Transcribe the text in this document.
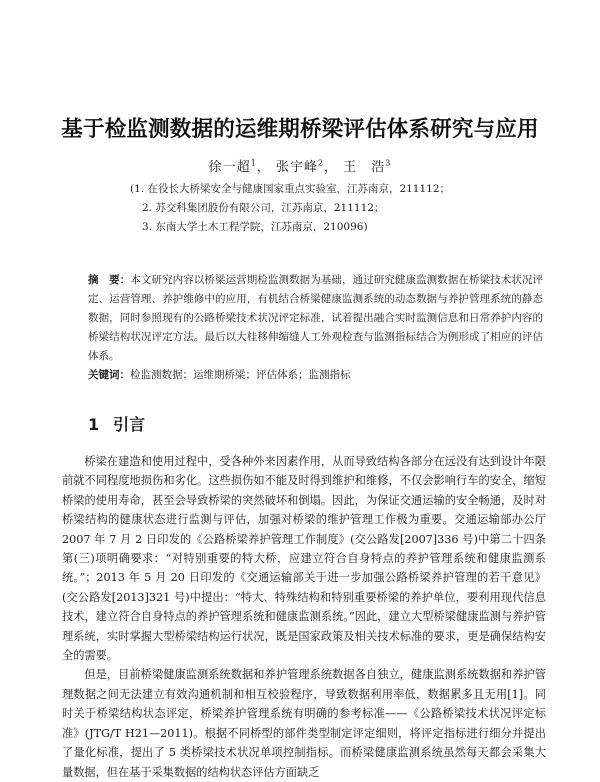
基于检监测数据的运维期桥梁评估体系研究与应用
徐一超$^1$， 张宇峰$^2$， 王　浩$^3$
(1. 在役长大桥梁安全与健康国家重点实验室，江苏南京，211112；
2. 苏交科集团股份有限公司，江苏南京，211112；
3. 东南大学土木工程学院，江苏南京，210096)
摘　要：本文研究内容以桥梁运营期检监测数据为基础，通过研究健康监测数据在桥梁技术状况评定、运营管理、养护维修中的应用，有机结合桥梁健康监测系统的动态数据与养护管理系统的静态数据，同时参照现有的公路桥梁技术状况评定标准，试着提出融合实时监测信息和日常养护内容的桥梁结构状况评定方法。最后以大桂移伸缩缝人工外观检查与监测指标结合为例形成了相应的评估体系。
关键词：检监测数据；运维期桥梁；评估体系；监测指标
1 引言

桥梁在建造和使用过程中，受各种外来因素作用，从而导致结构各部分在远没有达到设计年限前就不同程度地损伤和劣化。这些损伤如不能及时得到维护和维修，不仅会影响行车的安全，缩短桥梁的使用寿命，甚至会导致桥梁的突然破坏和倒塌。因此，为保证交通运输的安全畅通，及时对桥梁结构的健康状态进行监测与评估，加强对桥梁的维护管理工作极为重要。交通运输部办公厅 2007 年 7 月 2 日印发的《公路桥梁养护管理工作制度》(交公路发[2007]336 号)中第二十四条第(三)项明确要求：“对特别重要的特大桥，应建立符合自身特点的养护管理系统和健康监测系统。”；2013 年 5 月 20 日印发的《交通运输部关于进一步加强公路桥梁养护管理的若干意见》(交公路发[2013]321 号)中提出：“特大、特殊结构和特别重要桥梁的养护单位，要利用现代信息技术，建立符合自身特点的养护管理系统和健康监测系统。”因此，建立大型桥梁健康监测与养护管理系统，实时掌握大型桥梁结构运行状况，既是国家政策及相关技术标准的要求，更是确保结构安全的需要。

但是，目前桥梁健康监测系统数据和养护管理系统数据各自独立，健康监测系统数据和养护管理数据之间无法建立有效沟通机制和相互校验程序，导致数据利用率低，数据累多且无用[1]。同时关于桥梁结构状态评定，桥梁养护管理系统有明确的参考标准——《公路桥梁技术状况评定标准》(JTG/T H21—2011)。根据不同桥型的部件类型制定评定细则，将评定指标进行细分并提出了量化标准，提出了 5 类桥梁技术状况单项控制指标。而桥梁健康监测系统虽然每天都会采集大量数据，但在基于采集数据的结构状态评估方面缺乏
